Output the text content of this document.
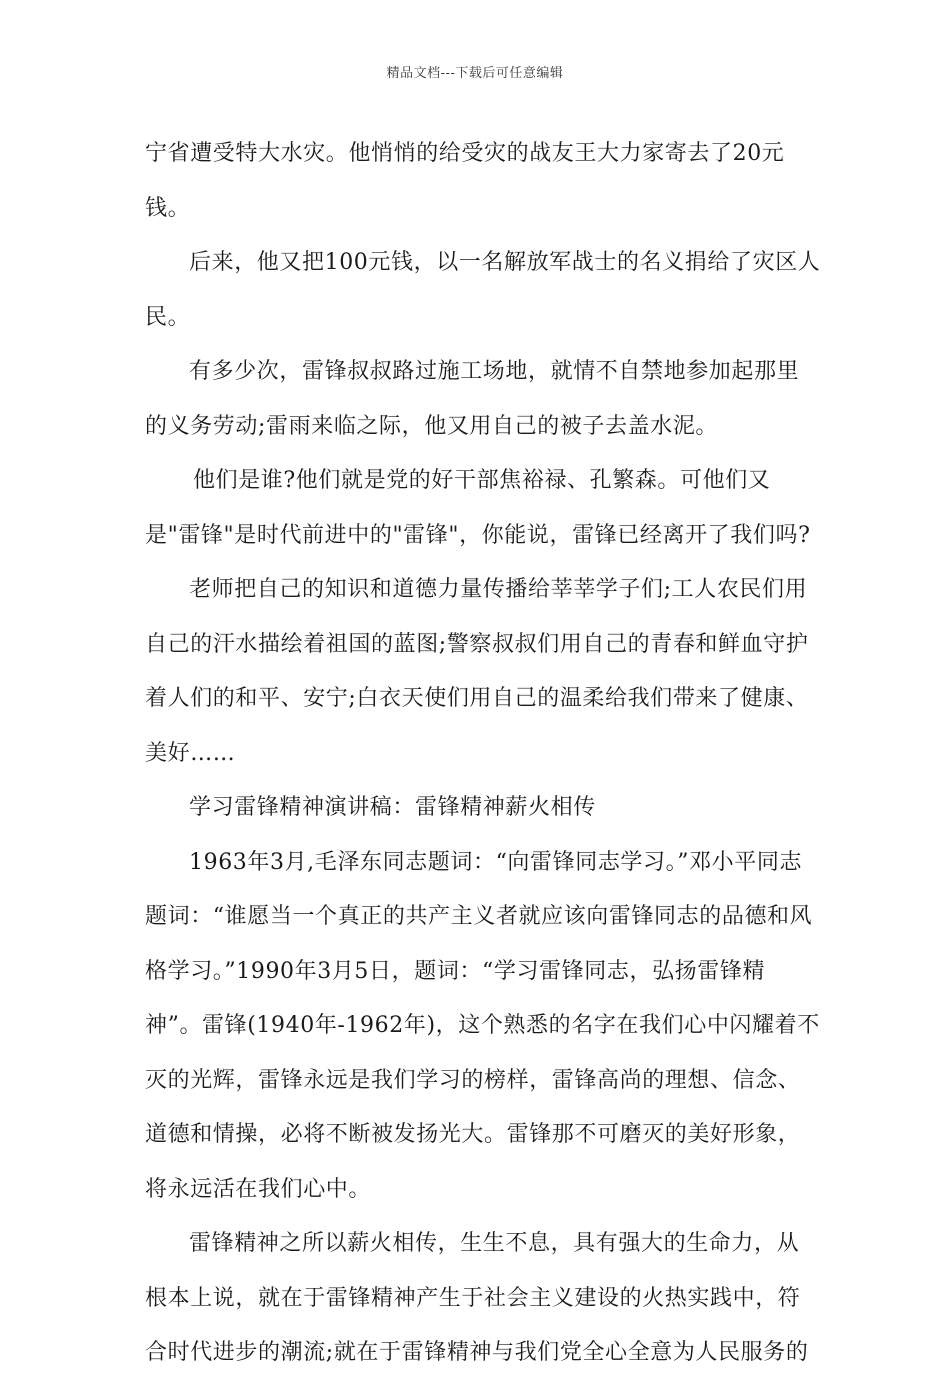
精品文档---下载后可任意编辑

宁省遭受特大水灾。他悄悄的给受灾的战友王大力家寄去了20元钱。

后来，他又把100元钱，以一名解放军战士的名义捐给了灾区人民。

有多少次，雷锋叔叔路过施工场地，就情不自禁地参加起那里的义务劳动;雷雨来临之际，他又用自己的被子去盖水泥。

他们是谁?他们就是党的好干部焦裕禄、孔繁森。可他们又是"雷锋"是时代前进中的"雷锋"，你能说，雷锋已经离开了我们吗?

老师把自己的知识和道德力量传播给莘莘学子们;工人农民们用自己的汗水描绘着祖国的蓝图;警察叔叔们用自己的青春和鲜血守护着人们的和平、安宁;白衣天使们用自己的温柔给我们带来了健康、美好……

学习雷锋精神演讲稿：雷锋精神薪火相传

1963年3月,毛泽东同志题词：“向雷锋同志学习。”邓小平同志题词：“谁愿当一个真正的共产主义者就应该向雷锋同志的品德和风格学习。”1990年3月5日，题词：“学习雷锋同志，弘扬雷锋精神”。雷锋(1940年-1962年)，这个熟悉的名字在我们心中闪耀着不灭的光辉，雷锋永远是我们学习的榜样，雷锋高尚的理想、信念、道德和情操，必将不断被发扬光大。雷锋那不可磨灭的美好形象，将永远活在我们心中。

雷锋精神之所以薪火相传，生生不息，具有强大的生命力，从根本上说，就在于雷锋精神产生于社会主义建设的火热实践中，符合时代进步的潮流;就在于雷锋精神与我们党全心全意为人民服务的
